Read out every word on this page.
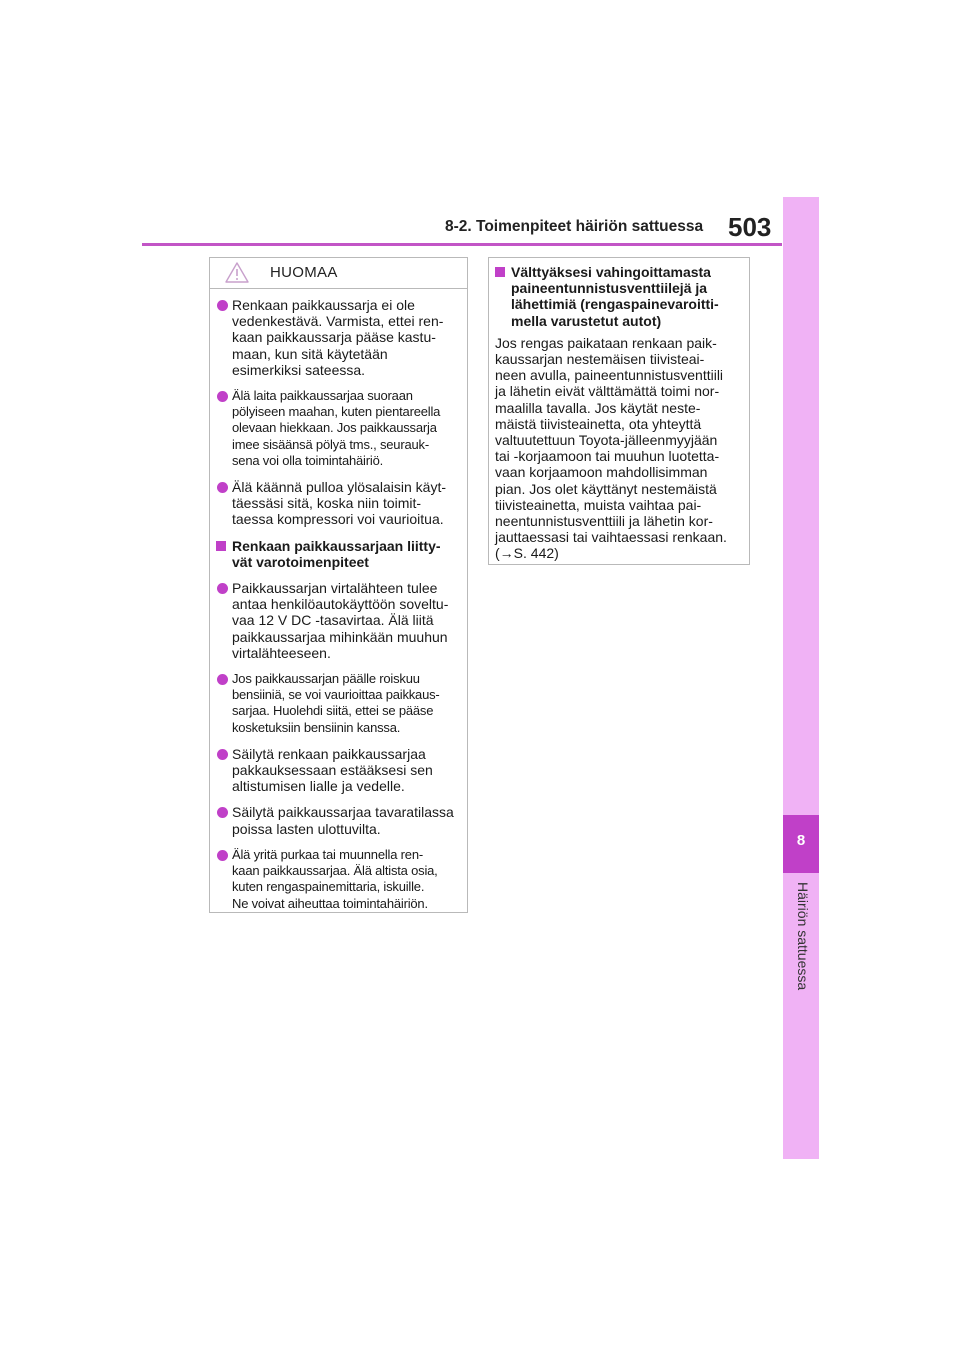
8-2. Toimenpiteet häiriön sattuessa 503
8
Häiriön sattuessa
HUOMAA
Renkaan paikkaussarja ei ole
vedenkestävä. Varmista, ettei ren-
kaan paikkaussarja pääse kastu-
maan, kun sitä käytetään
esimerkiksi sateessa.
Älä laita paikkaussarjaa suoraan
pölyiseen maahan, kuten pientareella
olevaan hiekkaan. Jos paikkaussarja
imee sisäänsä pölyä tms., seurauk-
sena voi olla toimintahäiriö.
Älä käännä pulloa ylösalaisin käyt-
täessäsi sitä, koska niin toimit-
taessa kompressori voi vaurioitua.
Renkaan paikkaussarjaan liitty-
vät varotoimenpiteet
Paikkaussarjan virtalähteen tulee
antaa henkilöautokäyttöön soveltu-
vaa 12 V DC -tasavirtaa. Älä liitä
paikkaussarjaa mihinkään muuhun
virtalähteeseen.
Jos paikkaussarjan päälle roiskuu
bensiiniä, se voi vaurioittaa paikkaus-
sarjaa. Huolehdi siitä, ettei se pääse
kosketuksiin bensiinin kanssa.
Säilytä renkaan paikkaussarjaa
pakkauksessaan estääksesi sen
altistumisen lialle ja vedelle.
Säilytä paikkaussarjaa tavaratilassa
poissa lasten ulottuvilta.
Älä yritä purkaa tai muunnella ren-
kaan paikkaussarjaa. Älä altista osia,
kuten rengaspainemittaria, iskuille.
Ne voivat aiheuttaa toimintahäiriön.
Välttyäksesi vahingoittamasta
paineentunnistusventtiilejä ja
lähettimiä (rengaspainevaroitti-
mella varustetut autot)
Jos rengas paikataan renkaan paik-
kaussarjan nestemäisen tiivisteai-
neen avulla, paineentunnistusventtiili
ja lähetin eivät välttämättä toimi nor-
maalilla tavalla. Jos käytät neste-
mäistä tiivisteainetta, ota yhteyttä
valtuutettuun Toyota-jälleenmyyjään
tai -korjaamoon tai muuhun luotetta-
vaan korjaamoon mahdollisimman
pian. Jos olet käyttänyt nestemäistä
tiivisteainetta, muista vaihtaa pai-
neentunnistusventtiili ja lähetin kor-
jauttaessasi tai vaihtaessasi renkaan.
(→S. 442)
